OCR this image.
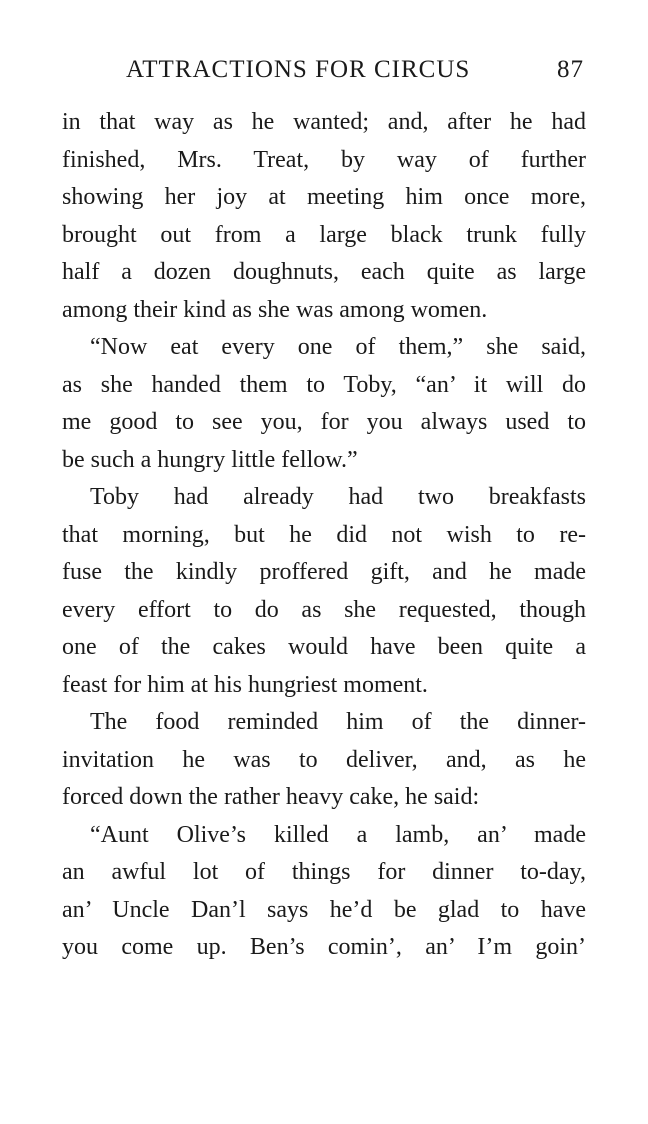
ATTRACTIONS FOR CIRCUS	87
in that way as he wanted; and, after he had
finished, Mrs. Treat, by way of further
showing her joy at meeting him once more,
brought out from a large black trunk fully
half a dozen doughnuts, each quite as large
among their kind as she was among women.
“Now eat every one of them,” she said,
as she handed them to Toby, “an’ it will do
me good to see you, for you always used to
be such a hungry little fellow.”
Toby had already had two breakfasts
that morning, but he did not wish to re-
fuse the kindly proffered gift, and he made
every effort to do as she requested, though
one of the cakes would have been quite a
feast for him at his hungriest moment.
The food reminded him of the dinner-
invitation he was to deliver, and, as he
forced down the rather heavy cake, he said:
“Aunt Olive’s killed a lamb, an’ made
an awful lot of things for dinner to-day,
an’ Uncle Dan’l says he’d be glad to have
you come up. Ben’s comin’, an’ I’m goin’
